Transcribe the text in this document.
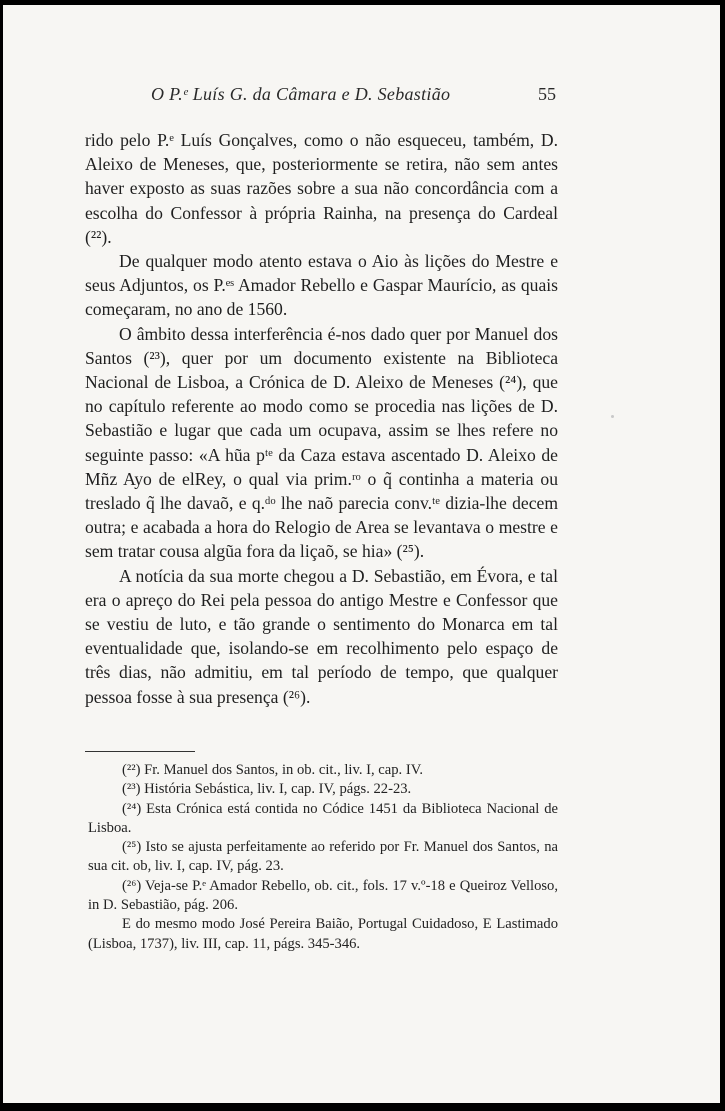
O P.ᵉ Luís G. da Câmara e D. Sebastião	55

rido pelo P.ᵉ Luís Gonçalves, como o não esqueceu, também, D. Aleixo de Meneses, que, posteriormente se retira, não sem antes haver exposto as suas razões sobre a sua não concordância com a escolha do Confessor à própria Rainha, na presença do Cardeal (²²).

De qualquer modo atento estava o Aio às lições do Mestre e seus Adjuntos, os P.ᵉˢ Amador Rebello e Gaspar Maurício, as quais começaram, no ano de 1560.

O âmbito dessa interferência é-nos dado quer por Manuel dos Santos (²³), quer por um documento existente na Biblioteca Nacional de Lisboa, a Crónica de D. Aleixo de Meneses (²⁴), que no capítulo referente ao modo como se procedia nas lições de D. Sebastião e lugar que cada um ocupava, assim se lhes refere no seguinte passo: «A hũa pᵗᵉ da Caza estava ascentado D. Aleixo de Mñz Ayo de elRey, o qual via prim.ʳᵒ o q̃ continha a materia ou treslado q̃ lhe davaõ, e q.ᵈᵒ lhe naõ parecia conv.ᵗᵉ dizia-lhe decem outra; e acabada a hora do Relogio de Area se levantava o mestre e sem tratar cousa algũa fora da liçaõ, se hia» (²⁵).

A notícia da sua morte chegou a D. Sebastião, em Évora, e tal era o apreço do Rei pela pessoa do antigo Mestre e Confessor que se vestiu de luto, e tão grande o sentimento do Monarca em tal eventualidade que, isolando-se em recolhimento pelo espaço de três dias, não admitiu, em tal período de tempo, que qualquer pessoa fosse à sua presença (²⁶).

(²²) Fr. Manuel dos Santos, in ob. cit., liv. I, cap. IV.

(²³) História Sebástica, liv. I, cap. IV, págs. 22-23.

(²⁴) Esta Crónica está contida no Códice 1451 da Biblioteca Nacional de Lisboa.

(²⁵) Isto se ajusta perfeitamente ao referido por Fr. Manuel dos Santos, na sua cit. ob, liv. I, cap. IV, pág. 23.

(²⁶) Veja-se P.ᵉ Amador Rebello, ob. cit., fols. 17 v.º-18 e Queiroz Velloso, in D. Sebastião, pág. 206.

E do mesmo modo José Pereira Baião, Portugal Cuidadoso, E Lastimado (Lisboa, 1737), liv. III, cap. 11, págs. 345-346.
